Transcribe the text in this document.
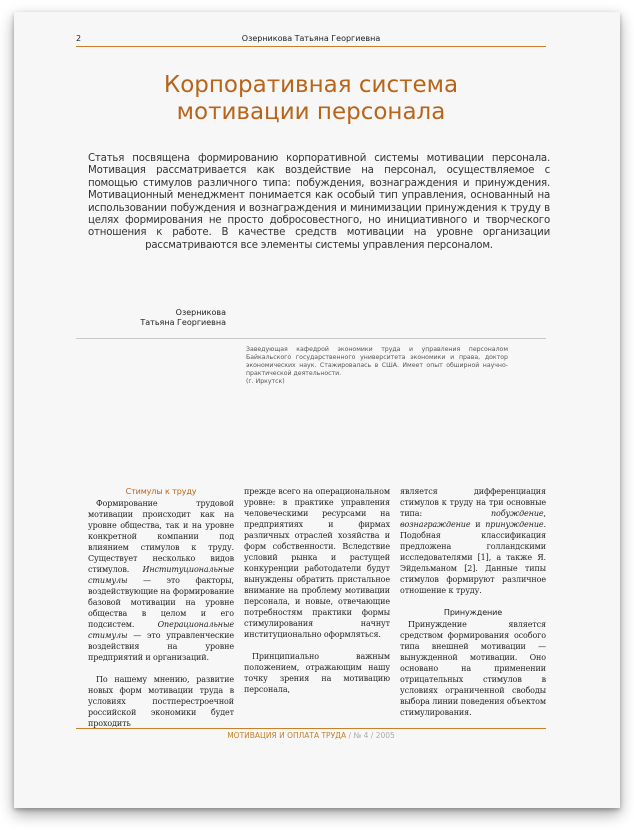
2	Озерникова Татьяна Георгиевна
Корпоративная система
мотивации персонала
Статья посвящена формированию корпоративной системы мотивации персонала. Мотивация рассматривается как воздействие на персонал, осуществляемое с помощью стимулов различного типа: побуждения, вознаграждения и принуждения. Мотивационный менеджмент понимается как особый тип управления, основанный на использовании побуждения и вознаграждения и минимизации принуждения к труду в целях формирования не просто добросовестного, но инициативного и творческого отношения к работе. В качестве средств мотивации на уровне организации рассматриваются все элементы системы управления персоналом.
Озерникова
Татьяна Георгиевна
Заведующая кафедрой экономики труда и управления персоналом Байкальского государственного университета экономики и права, доктор экономических наук. Стажировалась в США. Имеет опыт обширной научно-практической деятельности.
(г. Иркутск)
Стимулы к труду

Формирование трудовой мотивации происходит как на уровне общества, так и на уровне конкретной компании под влиянием стимулов к труду. Существует несколько видов стимулов. Институциональные стимулы — это факторы, воздействующие на формирование базовой мотивации на уровне общества в целом и его подсистем. Операциональные стимулы — это управленческие воздействия на уровне предприятий и организаций.

По нашему мнению, развитие новых форм мотивации труда в условиях постперестроечной российской экономики будет проходить

прежде всего на операциональном уровне: в практике управления человеческими ресурсами на предприятиях и фирмах различных отраслей хозяйства и форм собственности. Вследствие условий рынка и растущей конкуренции работодатели будут вынуждены обратить пристальное внимание на проблему мотивации персонала, и новые, отвечающие потребностям практики формы стимулирования начнут институционально оформляться.

Принципиально важным положением, отражающим нашу точку зрения на мотивацию персонала,

является дифференциация стимулов к труду на три основные типа: побуждение, вознаграждение и принуждение. Подобная классификация предложена голландскими исследователями [1], а также Я. Эйдельманом [2]. Данные типы стимулов формируют различное отношение к труду.

Принуждение

Принуждение является средством формирования особого типа внешней мотивации — вынужденной мотивации. Оно основано на применении отрицательных стимулов в условиях ограниченной свободы выбора линии поведения объектом стимулирования.

МОТИВАЦИЯ И ОПЛАТА ТРУДА / № 4 / 2005
